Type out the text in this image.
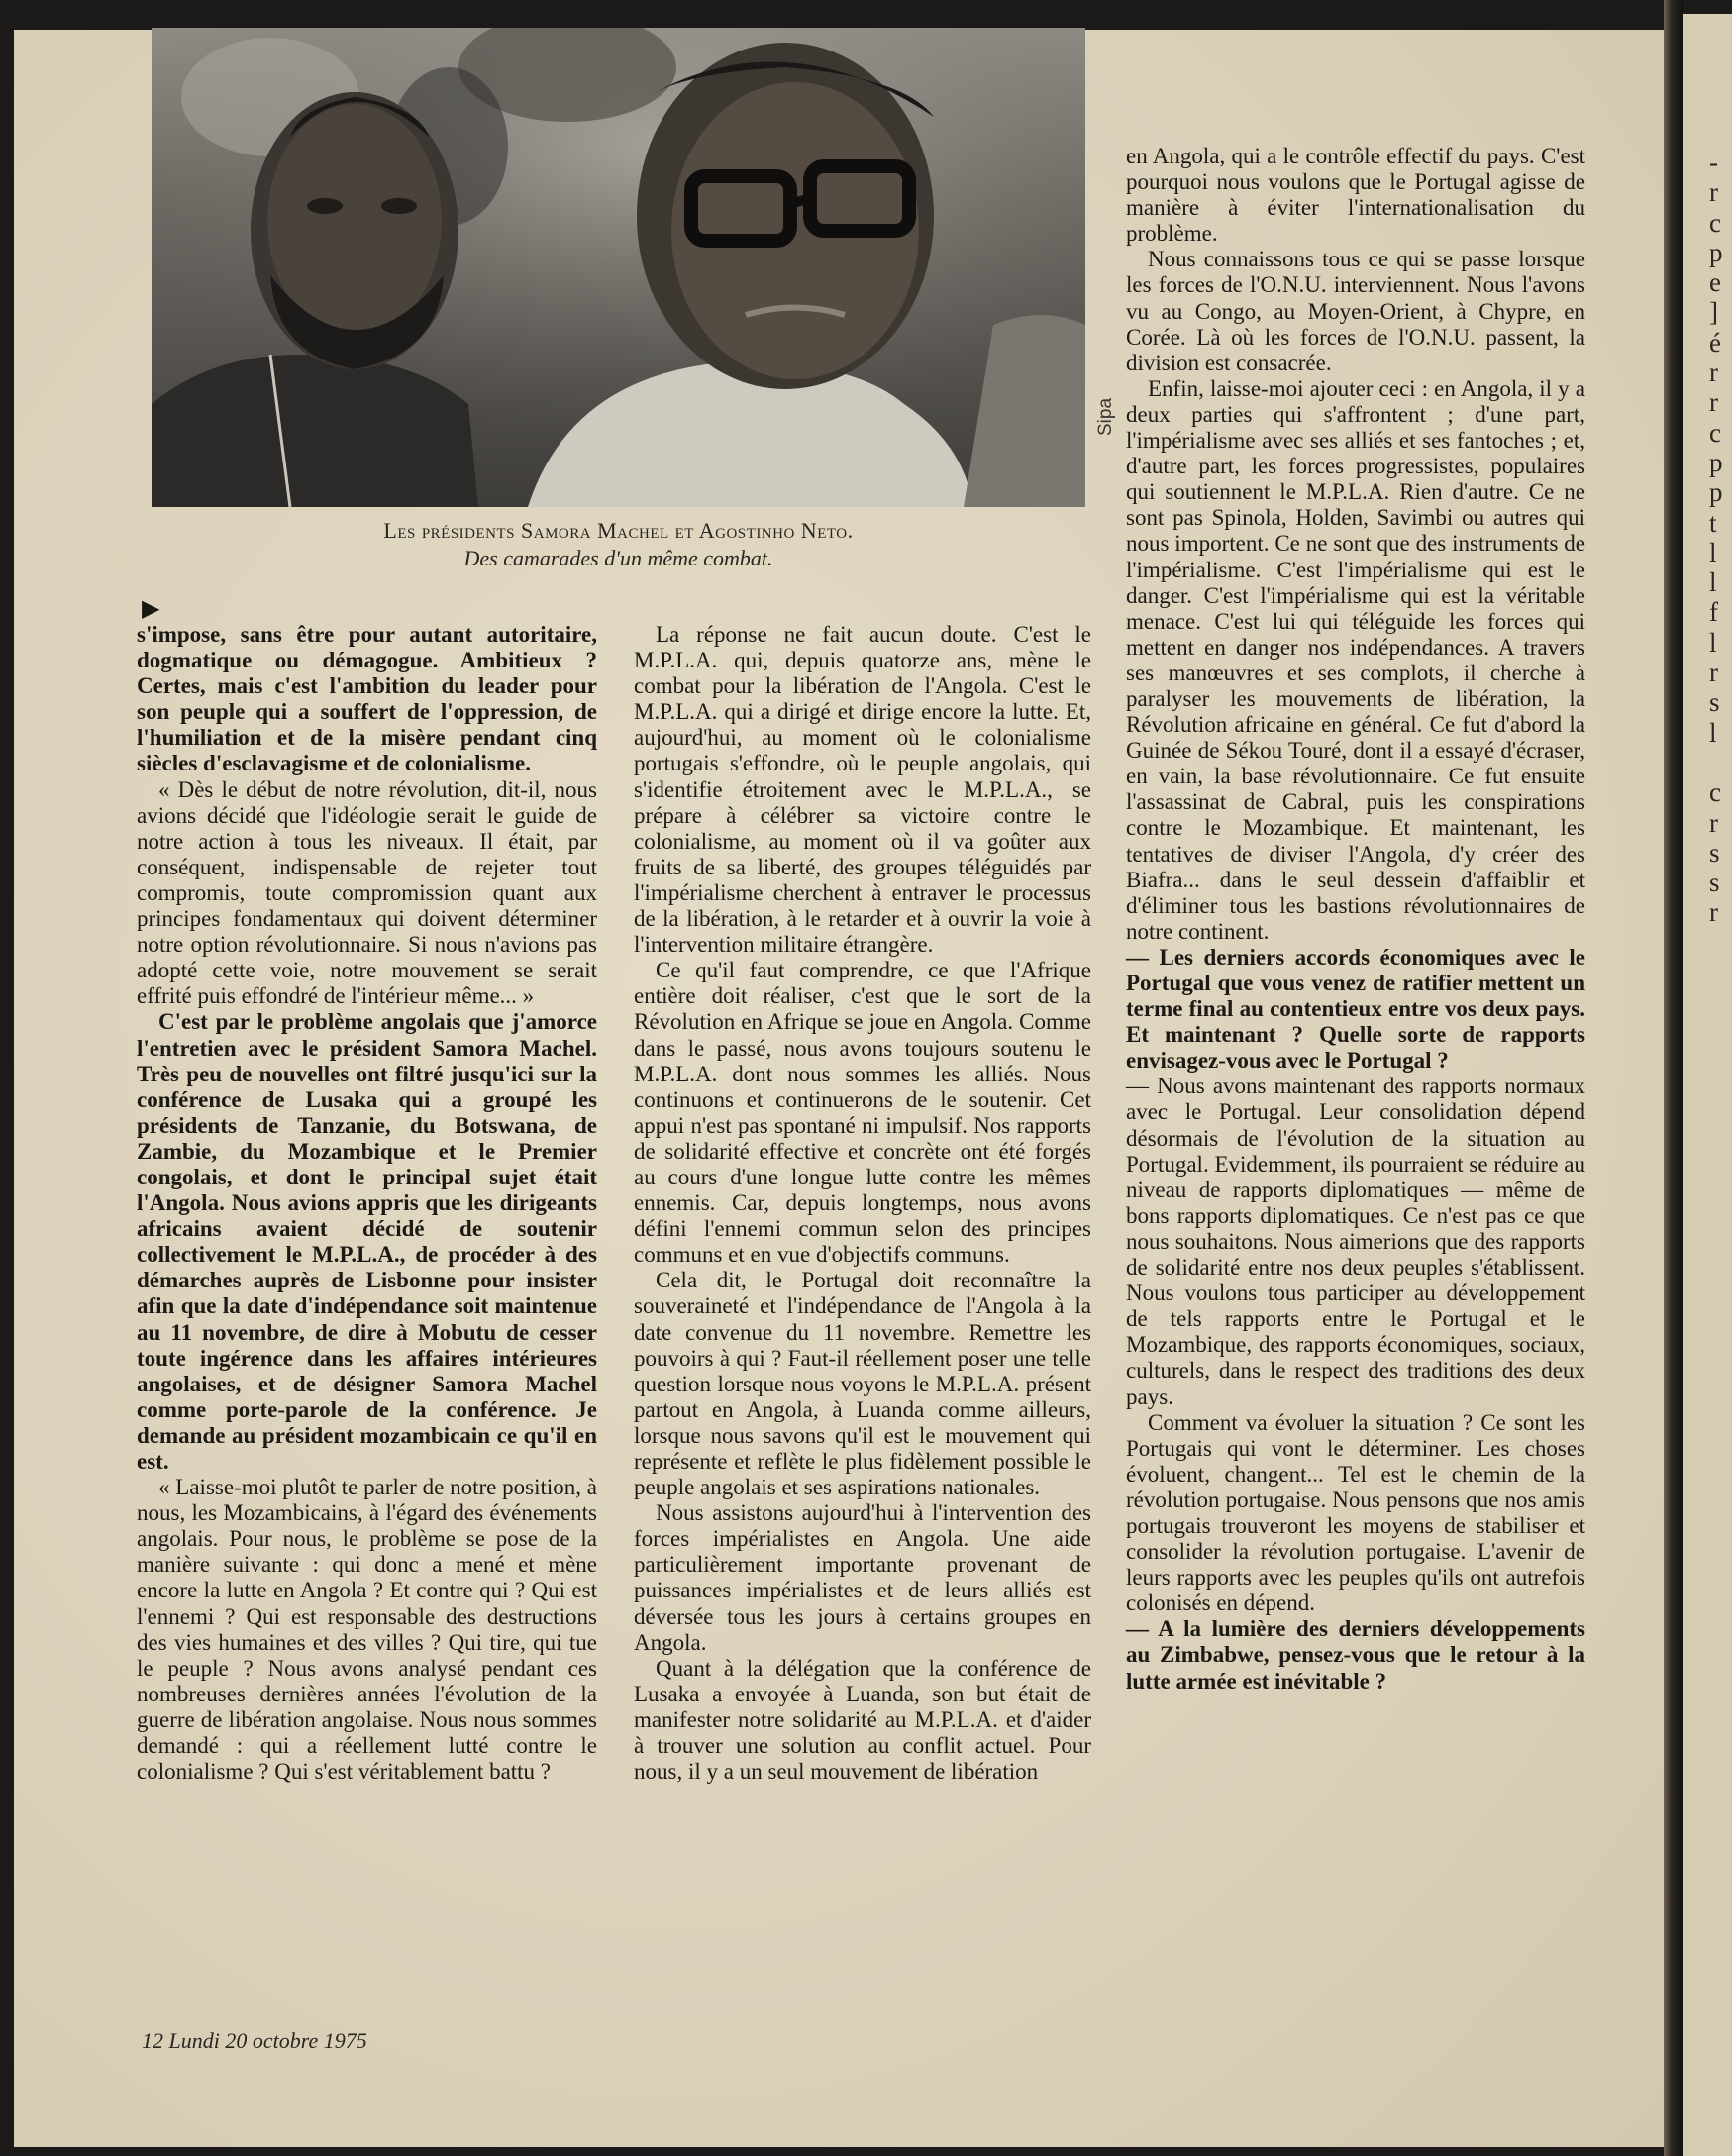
-
r
c
p
e
]
é
r
r
c
p
p
t
l
l
f
l
r
s
l
c
r
s
s
r
Sipa
Les présidents Samora Machel et Agostinho Neto.
Des camarades d'un même combat.
▶

s'impose, sans être pour autant autoritaire, dogmatique ou démagogue. Ambitieux ? Certes, mais c'est l'ambition du leader pour son peuple qui a souffert de l'oppression, de l'humiliation et de la misère pendant cinq siècles d'esclavagisme et de colonialisme.

« Dès le début de notre révolution, dit-il, nous avions décidé que l'idéologie serait le guide de notre action à tous les niveaux. Il était, par conséquent, indispensable de rejeter tout compromis, toute compromission quant aux principes fondamentaux qui doivent déterminer notre option révolutionnaire. Si nous n'avions pas adopté cette voie, notre mouvement se serait effrité puis effondré de l'intérieur même... »

C'est par le problème angolais que j'amorce l'entretien avec le président Samora Machel. Très peu de nouvelles ont filtré jusqu'ici sur la conférence de Lusaka qui a groupé les présidents de Tanzanie, du Botswana, de Zambie, du Mozambique et le Premier congolais, et dont le principal sujet était l'Angola. Nous avions appris que les dirigeants africains avaient décidé de soutenir collectivement le M.P.L.A., de procéder à des démarches auprès de Lisbonne pour insister afin que la date d'indépendance soit maintenue au 11 novembre, de dire à Mobutu de cesser toute ingérence dans les affaires intérieures angolaises, et de désigner Samora Machel comme porte-parole de la conférence. Je demande au président mozambicain ce qu'il en est.

« Laisse-moi plutôt te parler de notre position, à nous, les Mozambicains, à l'égard des événements angolais. Pour nous, le problème se pose de la manière suivante : qui donc a mené et mène encore la lutte en Angola ? Et contre qui ? Qui est l'ennemi ? Qui est responsable des destructions des vies humaines et des villes ? Qui tire, qui tue le peuple ? Nous avons analysé pendant ces nombreuses dernières années l'évolution de la guerre de libération angolaise. Nous nous sommes demandé : qui a réellement lutté contre le colonialisme ? Qui s'est véritablement battu ?

La réponse ne fait aucun doute. C'est le M.P.L.A. qui, depuis quatorze ans, mène le combat pour la libération de l'Angola. C'est le M.P.L.A. qui a dirigé et dirige encore la lutte. Et, aujourd'hui, au moment où le colonialisme portugais s'effondre, où le peuple angolais, qui s'identifie étroitement avec le M.P.L.A., se prépare à célébrer sa victoire contre le colonialisme, au moment où il va goûter aux fruits de sa liberté, des groupes téléguidés par l'impérialisme cherchent à entraver le processus de la libération, à le retarder et à ouvrir la voie à l'intervention militaire étrangère.

Ce qu'il faut comprendre, ce que l'Afrique entière doit réaliser, c'est que le sort de la Révolution en Afrique se joue en Angola. Comme dans le passé, nous avons toujours soutenu le M.P.L.A. dont nous sommes les alliés. Nous continuons et continuerons de le soutenir. Cet appui n'est pas spontané ni impulsif. Nos rapports de solidarité effective et concrète ont été forgés au cours d'une longue lutte contre les mêmes ennemis. Car, depuis longtemps, nous avons défini l'ennemi commun selon des principes communs et en vue d'objectifs communs.

Cela dit, le Portugal doit reconnaître la souveraineté et l'indépendance de l'Angola à la date convenue du 11 novembre. Remettre les pouvoirs à qui ? Faut-il réellement poser une telle question lorsque nous voyons le M.P.L.A. présent partout en Angola, à Luanda comme ailleurs, lorsque nous savons qu'il est le mouvement qui représente et reflète le plus fidèlement possible le peuple angolais et ses aspirations nationales.

Nous assistons aujourd'hui à l'intervention des forces impérialistes en Angola. Une aide particulièrement importante provenant de puissances impérialistes et de leurs alliés est déversée tous les jours à certains groupes en Angola.

Quant à la délégation que la conférence de Lusaka a envoyée à Luanda, son but était de manifester notre solidarité au M.P.L.A. et d'aider à trouver une solution au conflit actuel. Pour nous, il y a un seul mouvement de libération

en Angola, qui a le contrôle effectif du pays. C'est pourquoi nous voulons que le Portugal agisse de manière à éviter l'internationalisation du problème.

Nous connaissons tous ce qui se passe lorsque les forces de l'O.N.U. interviennent. Nous l'avons vu au Congo, au Moyen-Orient, à Chypre, en Corée. Là où les forces de l'O.N.U. passent, la division est consacrée.

Enfin, laisse-moi ajouter ceci : en Angola, il y a deux parties qui s'affrontent ; d'une part, l'impérialisme avec ses alliés et ses fantoches ; et, d'autre part, les forces progressistes, populaires qui soutiennent le M.P.L.A. Rien d'autre. Ce ne sont pas Spinola, Holden, Savimbi ou autres qui nous importent. Ce ne sont que des instruments de l'impérialisme. C'est l'impérialisme qui est le danger. C'est l'impérialisme qui est la véritable menace. C'est lui qui téléguide les forces qui mettent en danger nos indépendances. A travers ses manœuvres et ses complots, il cherche à paralyser les mouvements de libération, la Révolution africaine en général. Ce fut d'abord la Guinée de Sékou Touré, dont il a essayé d'écraser, en vain, la base révolutionnaire. Ce fut ensuite l'assassinat de Cabral, puis les conspirations contre le Mozambique. Et maintenant, les tentatives de diviser l'Angola, d'y créer des Biafra... dans le seul dessein d'affaiblir et d'éliminer tous les bastions révolutionnaires de notre continent.

— Les derniers accords économiques avec le Portugal que vous venez de ratifier mettent un terme final au contentieux entre vos deux pays. Et maintenant ? Quelle sorte de rapports envisagez-vous avec le Portugal ?

— Nous avons maintenant des rapports normaux avec le Portugal. Leur consolidation dépend désormais de l'évolution de la situation au Portugal. Evidemment, ils pourraient se réduire au niveau de rapports diplomatiques — même de bons rapports diplomatiques. Ce n'est pas ce que nous souhaitons. Nous aimerions que des rapports de solidarité entre nos deux peuples s'établissent. Nous voulons tous participer au développement de tels rapports entre le Portugal et le Mozambique, des rapports économiques, sociaux, culturels, dans le respect des traditions des deux pays.

Comment va évoluer la situation ? Ce sont les Portugais qui vont le déterminer. Les choses évoluent, changent... Tel est le chemin de la révolution portugaise. Nous pensons que nos amis portugais trouveront les moyens de stabiliser et consolider la révolution portugaise. L'avenir de leurs rapports avec les peuples qu'ils ont autrefois colonisés en dépend.

— A la lumière des derniers développements au Zimbabwe, pensez-vous que le retour à la lutte armée est inévitable ?

12 Lundi 20 octobre 1975
